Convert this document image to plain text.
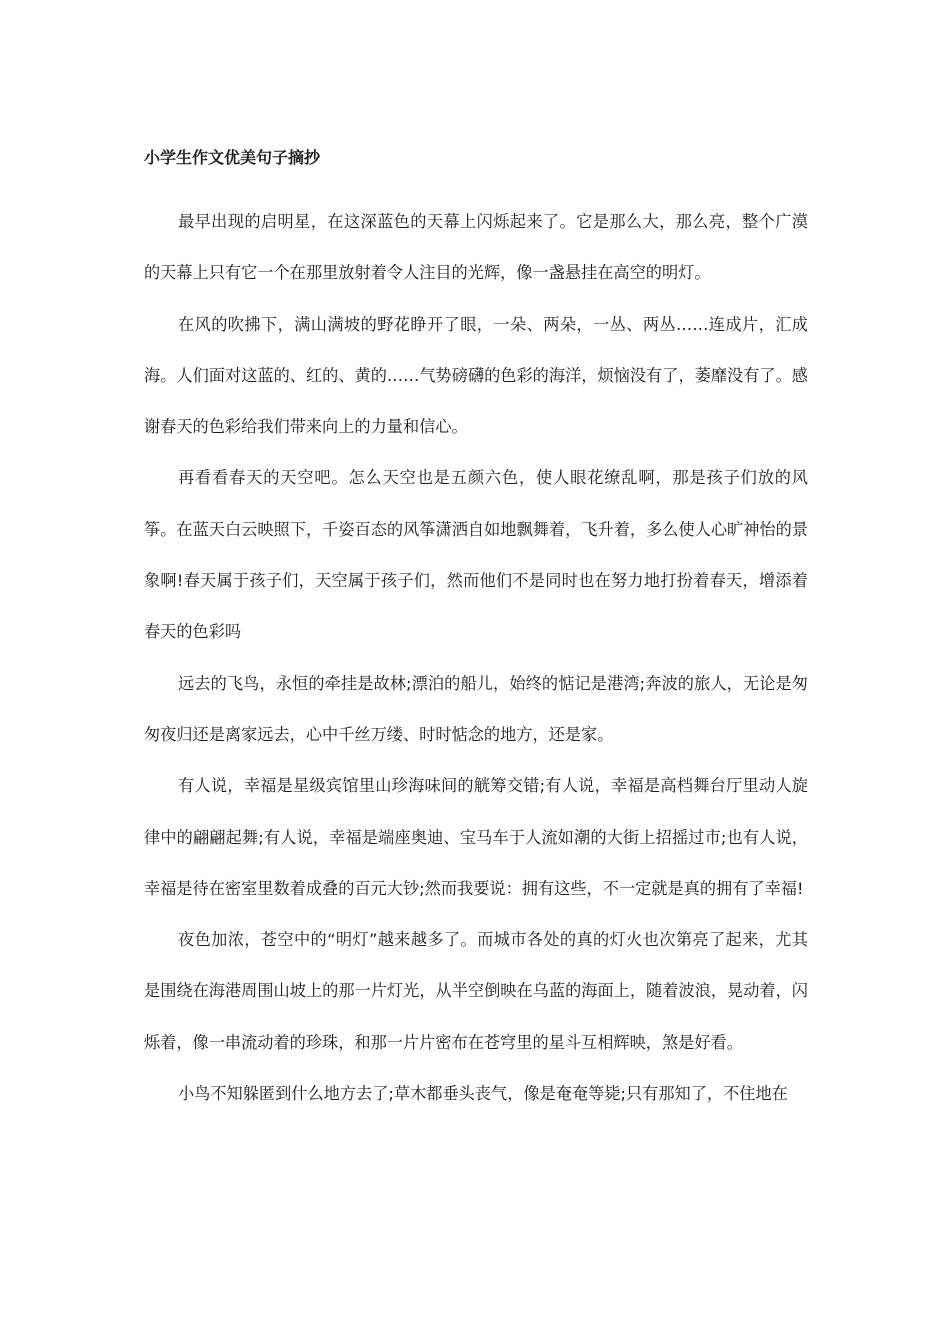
小学生作文优美句子摘抄

最早出现的启明星，在这深蓝色的天幕上闪烁起来了。它是那么大，那么亮，整个广漠的天幕上只有它一个在那里放射着令人注目的光辉，像一盏悬挂在高空的明灯。

在风的吹拂下，满山满坡的野花睁开了眼，一朵、两朵，一丛、两丛……连成片，汇成海。人们面对这蓝的、红的、黄的……气势磅礴的色彩的海洋，烦恼没有了，萎靡没有了。感谢春天的色彩给我们带来向上的力量和信心。

再看看春天的天空吧。怎么天空也是五颜六色，使人眼花缭乱啊，那是孩子们放的风筝。在蓝天白云映照下，千姿百态的风筝潇洒自如地飘舞着，飞升着，多么使人心旷神怡的景象啊!春天属于孩子们，天空属于孩子们，然而他们不是同时也在努力地打扮着春天，增添着春天的色彩吗

远去的飞鸟，永恒的牵挂是故林;漂泊的船儿，始终的惦记是港湾;奔波的旅人，无论是匆匆夜归还是离家远去，心中千丝万缕、时时惦念的地方，还是家。

有人说，幸福是星级宾馆里山珍海味间的觥筹交错;有人说，幸福是高档舞台厅里动人旋律中的翩翩起舞;有人说，幸福是端座奥迪、宝马车于人流如潮的大街上招摇过市;也有人说，幸福是待在密室里数着成叠的百元大钞;然而我要说：拥有这些，不一定就是真的拥有了幸福!

夜色加浓，苍空中的“明灯”越来越多了。而城市各处的真的灯火也次第亮了起来，尤其是围绕在海港周围山坡上的那一片灯光，从半空倒映在乌蓝的海面上，随着波浪，晃动着，闪烁着，像一串流动着的珍珠，和那一片片密布在苍穹里的星斗互相辉映，煞是好看。

小鸟不知躲匿到什么地方去了;草木都垂头丧气，像是奄奄等毙;只有那知了，不住地在
